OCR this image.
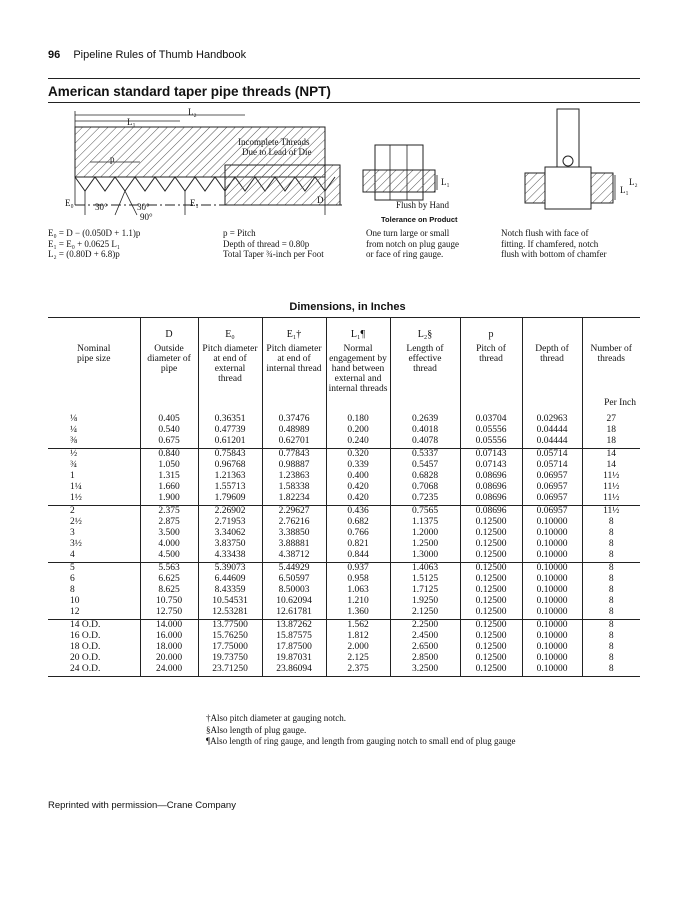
96 Pipeline Rules of Thumb Handbook
American standard taper pipe threads (NPT)
L₂
L₁
p
E₀	E₁	D
30°	30°
90°
Incomplete Threads
Due to Lead of Die
Flush by Hand
L₁
L₁
L₂
Tolerance on Product
E₀ = D − (0.050D + 1.1)p
E₁ = E₀ + 0.0625 L₁
L₂ = (0.80D + 6.8)p
p = Pitch
Depth of thread = 0.80p
Total Taper ¾-inch per Foot
One turn large or small
from notch on plug gauge
or face of ring gauge.
Notch flush with face of
fitting. If chamfered, notch
flush with bottom of chamfer
Dimensions, in Inches
	D	E₀	E₁†	L₁¶	L₂§	p		

Nominal pipe size	Outside diameter of pipe	Pitch diameter at end of external thread	Pitch diameter at end of internal thread	Normal engagement by hand between external and internal threads	Length of effective thread	Pitch of thread	Depth of thread	Number of threads
Per Inch

⅛	0.405	0.36351	0.37476	0.180	0.2639	0.03704	0.02963	27
¼	0.540	0.47739	0.48989	0.200	0.4018	0.05556	0.04444	18
⅜	0.675	0.61201	0.62701	0.240	0.4078	0.05556	0.04444	18
½	0.840	0.75843	0.77843	0.320	0.5337	0.07143	0.05714	14
¾	1.050	0.96768	0.98887	0.339	0.5457	0.07143	0.05714	14
1	1.315	1.21363	1.23863	0.400	0.6828	0.08696	0.06957	11½
1¼	1.660	1.55713	1.58338	0.420	0.7068	0.08696	0.06957	11½
1½	1.900	1.79609	1.82234	0.420	0.7235	0.08696	0.06957	11½
2	2.375	2.26902	2.29627	0.436	0.7565	0.08696	0.06957	11½
2½	2.875	2.71953	2.76216	0.682	1.1375	0.12500	0.10000	8
3	3.500	3.34062	3.38850	0.766	1.2000	0.12500	0.10000	8
3½	4.000	3.83750	3.88881	0.821	1.2500	0.12500	0.10000	8
4	4.500	4.33438	4.38712	0.844	1.3000	0.12500	0.10000	8
5	5.563	5.39073	5.44929	0.937	1.4063	0.12500	0.10000	8
6	6.625	6.44609	6.50597	0.958	1.5125	0.12500	0.10000	8
8	8.625	8.43359	8.50003	1.063	1.7125	0.12500	0.10000	8
10	10.750	10.54531	10.62094	1.210	1.9250	0.12500	0.10000	8
12	12.750	12.53281	12.61781	1.360	2.1250	0.12500	0.10000	8
14 O.D.	14.000	13.77500	13.87262	1.562	2.2500	0.12500	0.10000	8
16 O.D.	16.000	15.76250	15.87575	1.812	2.4500	0.12500	0.10000	8
18 O.D.	18.000	17.75000	17.87500	2.000	2.6500	0.12500	0.10000	8
20 O.D.	20.000	19.73750	19.87031	2.125	2.8500	0.12500	0.10000	8
24 O.D.	24.000	23.71250	23.86094	2.375	3.2500	0.12500	0.10000	8
†Also pitch diameter at gauging notch.
§Also length of plug gauge.
¶Also length of ring gauge, and length from gauging notch to small end of plug gauge
Reprinted with permission—Crane Company
